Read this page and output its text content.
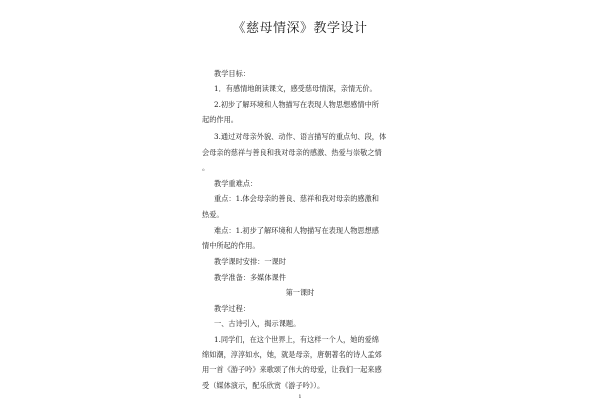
《慈母情深》教学设计

教学目标：

1．有感情地朗读课文，感受慈母情深，亲情无价。

2.初步了解环境和人物描写在表现人物思想感情中所

起的作用。

3.通过对母亲外貌、动作、语言描写的重点句、段，体

会母亲的慈祥与善良和我对母亲的感激、热爱与崇敬之情

。

教学重难点：

重点：1.体会母亲的善良、慈祥和我对母亲的感激和

热爱。

难点：1.初步了解环境和人物描写在表现人物思想感

情中所起的作用。

教学课时安排：一课时

教学准备：多媒体课件

第一课时

教学过程：

一、古诗引入，揭示课题。

1.同学们，在这个世界上，有这样一个人，她的爱绵

绵如潮，淳淳如水，她，就是母亲，唐朝著名的诗人孟郊

用一首《游子吟》来歌颂了伟大的母爱，让我们一起来感

受（媒体演示，配乐欣赏《游子吟》）。

1
